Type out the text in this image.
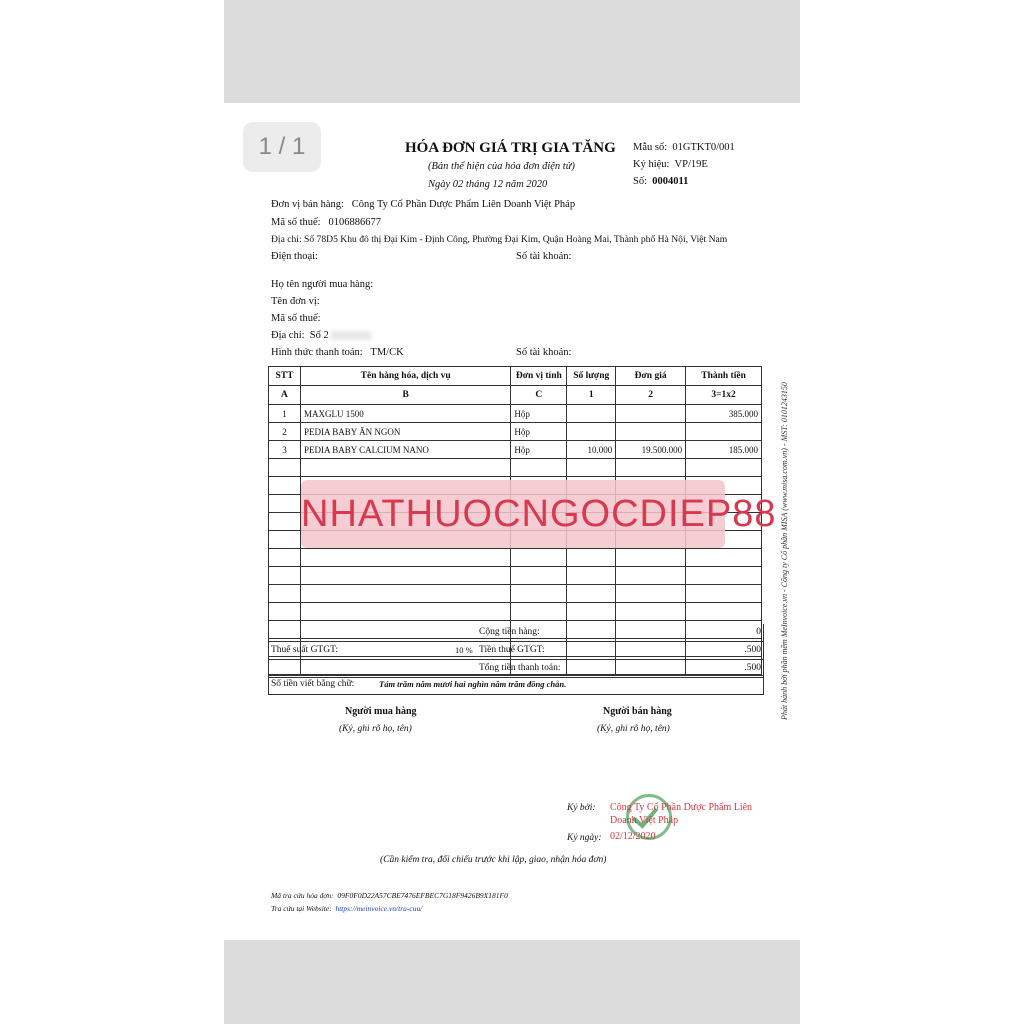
1 / 1	HÓA ĐƠN GIÁ TRỊ GIA TĂNG
(Bản thể hiện của hóa đơn điện tử)
Ngày 02 tháng 12 năm 2020
Mẫu số: 01GTKT0/001
Ký hiệu: VP/19E
Số: 0004011
Đơn vị bán hàng: Công Ty Cổ Phần Dược Phẩm Liên Doanh Việt Pháp
Mã số thuế: 0106886677
Địa chỉ: Số 78D5 Khu đô thị Đại Kim - Định Công, Phường Đại Kim, Quận Hoàng Mai, Thành phố Hà Nội, Việt Nam
Điện thoại:	Số tài khoản:
Họ tên người mua hàng:
Tên đơn vị:
Mã số thuế:
Địa chỉ: Số 2
Hình thức thanh toán: TM/CK	Số tài khoản:
Phát hành bởi phần mềm MeInvoice.vn - Công ty Cổ phần MISA (www.misa.com.vn) - MST: 0101243150
STT	Tên hàng hóa, dịch vụ	Đơn vị tính	Số lượng	Đơn giá	Thành tiền
A	B	C	1	2	3=1x2
1	MAXGLU 1500	Hộp			385.000
2	PEDIA BABY ĂN NGON	Hộp			
3	PEDIA BABY CALCIUM NANO	Hộp	10.000	19.500.000	185.000

Cộng tiền hàng:	0
Thuế suất GTGT:	10 % Tiền thuế GTGT:	.500
Tổng tiền thanh toán:	.500
Số tiền viết bằng chữ:	Tám trăm năm mươi hai nghìn năm trăm đồng chẵn.
NHATHUOCNGOCDIEP88
Người mua hàng
(Ký, ghi rõ họ, tên)
Người bán hàng
(Ký, ghi rõ họ, tên)
Ký bởi: Công Ty Cổ Phần Dược Phẩm Liên
Doanh Việt Pháp
Ký ngày: 02/12/2020
(Cần kiểm tra, đối chiếu trước khi lập, giao, nhận hóa đơn)
Mã tra cứu hóa đơn: 09F0F0D22A57CBE7476EFBEC7G18F9426B9X181F0
Tra cứu tại Website: https://meinvoice.vn/tra-cuu/
